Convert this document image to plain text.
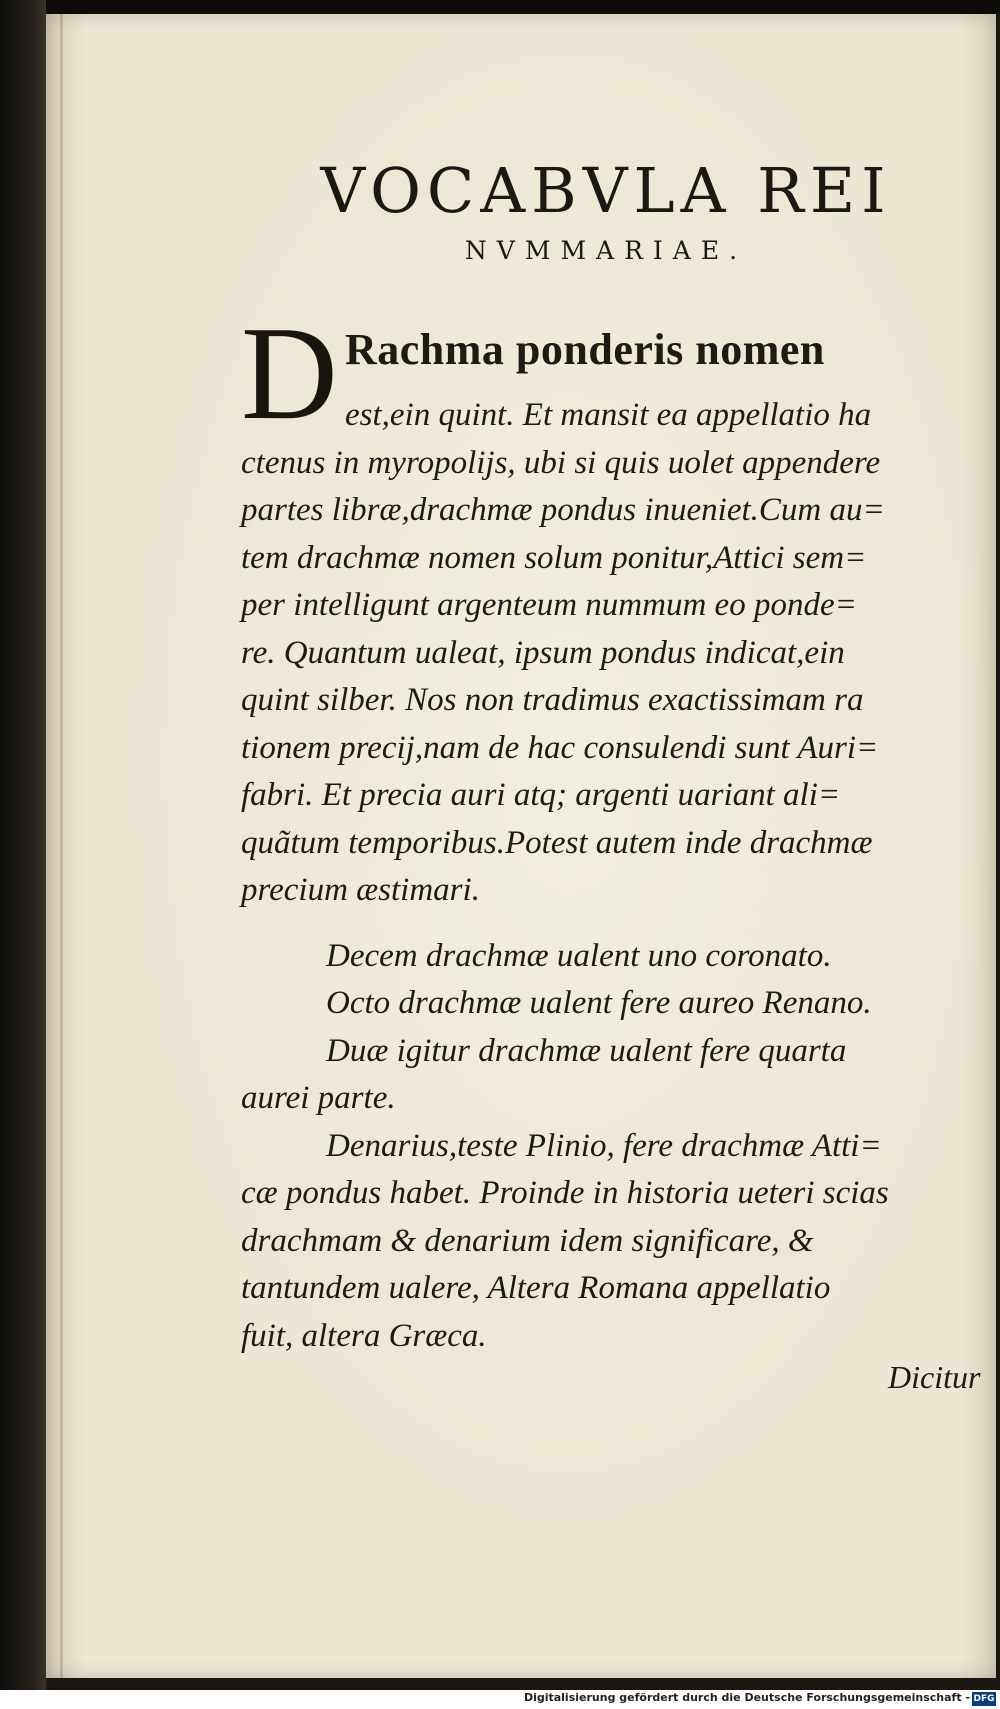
VOCABVLA REI
NVMMARIAE.
D Rachma ponderis nomen
est,ein quint. Et mansit ea appellatio ha
ctenus in myropolijs, ubi si quis uolet appendere
partes libræ,drachmæ pondus inueniet.Cum au=
tem drachmæ nomen solum ponitur,Attici sem=
per intelligunt argenteum nummum eo ponde=
re. Quantum ualeat, ipsum pondus indicat,ein
quint silber. Nos non tradimus exactissimam ra
tionem precij,nam de hac consulendi sunt Auri=
fabri. Et precia auri atq; argenti uariant ali=
quãtum temporibus.Potest autem inde drachmæ
precium æstimari.
Decem drachmæ ualent uno coronato.
Octo drachmæ ualent fere aureo Renano.
Duæ igitur drachmæ ualent fere quarta
aurei parte.
Denarius,teste Plinio, fere drachmæ Atti=
cæ pondus habet. Proinde in historia ueteri scias
drachmam & denarium idem significare, &
tantundem ualere, Altera Romana appellatio
fuit, altera Græca.
Dicitur
Digitalisierung gefördert durch die Deutsche Forschungsgemeinschaft - DFG
